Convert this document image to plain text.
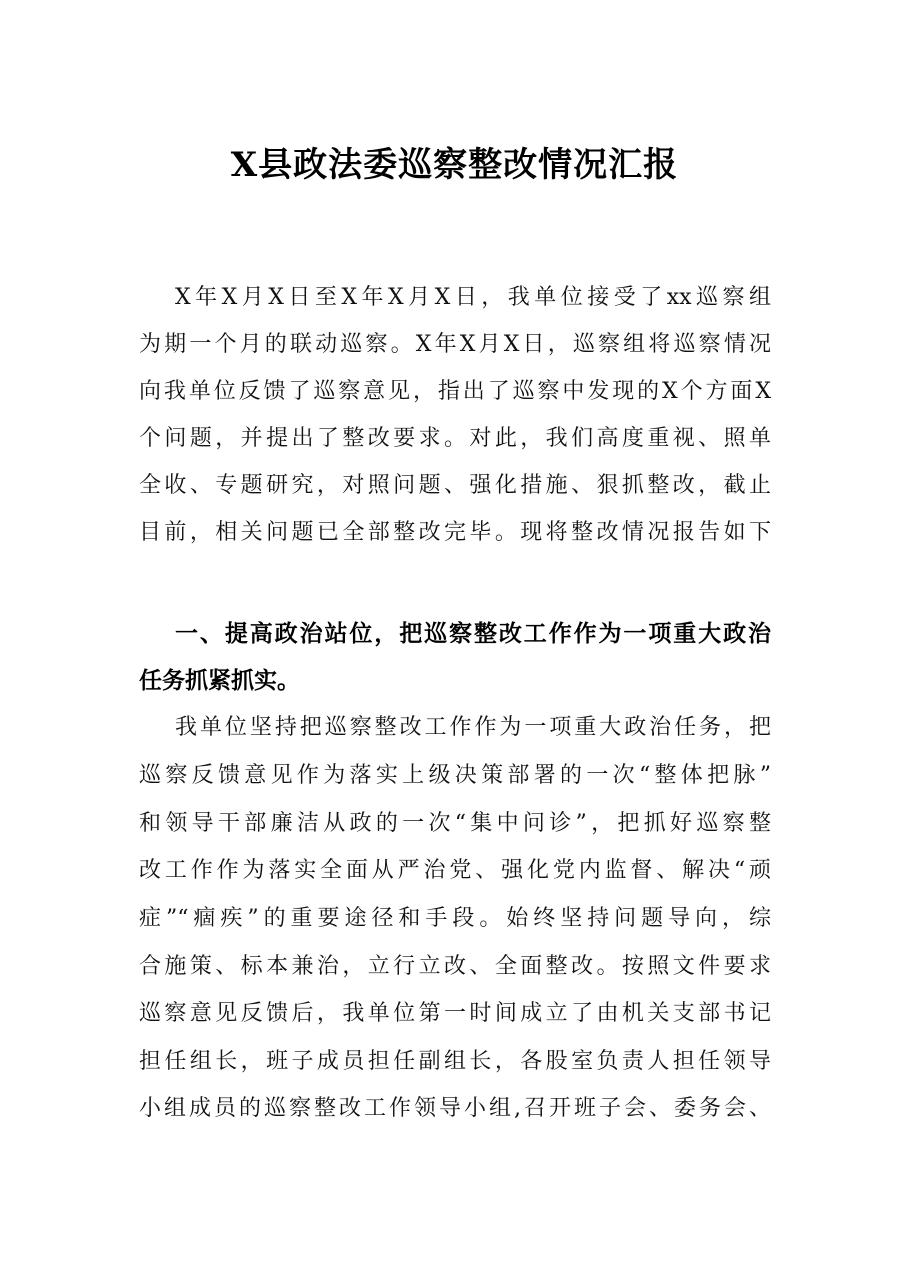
X县政法委巡察整改情况汇报

X年X月X日至X年X月X日，我单位接受了xx巡察组

为期一个月的联动巡察。X年X月X日，巡察组将巡察情况

向我单位反馈了巡察意见，指出了巡察中发现的X个方面X

个问题，并提出了整改要求。对此，我们高度重视、照单

全收、专题研究，对照问题、强化措施、狠抓整改，截止

目前，相关问题已全部整改完毕。现将整改情况报告如下

一、提高政治站位，把巡察整改工作作为一项重大政治

任务抓紧抓实。

我单位坚持把巡察整改工作作为一项重大政治任务，把

巡察反馈意见作为落实上级决策部署的一次“整体把脉”

和领导干部廉洁从政的一次“集中问诊”，把抓好巡察整

改工作作为落实全面从严治党、强化党内监督、解决“顽

症”“痼疾”的重要途径和手段。始终坚持问题导向，综

合施策、标本兼治，立行立改、全面整改。按照文件要求

巡察意见反馈后，我单位第一时间成立了由机关支部书记

担任组长，班子成员担任副组长，各股室负责人担任领导

小组成员的巡察整改工作领导小组,召开班子会、委务会、
